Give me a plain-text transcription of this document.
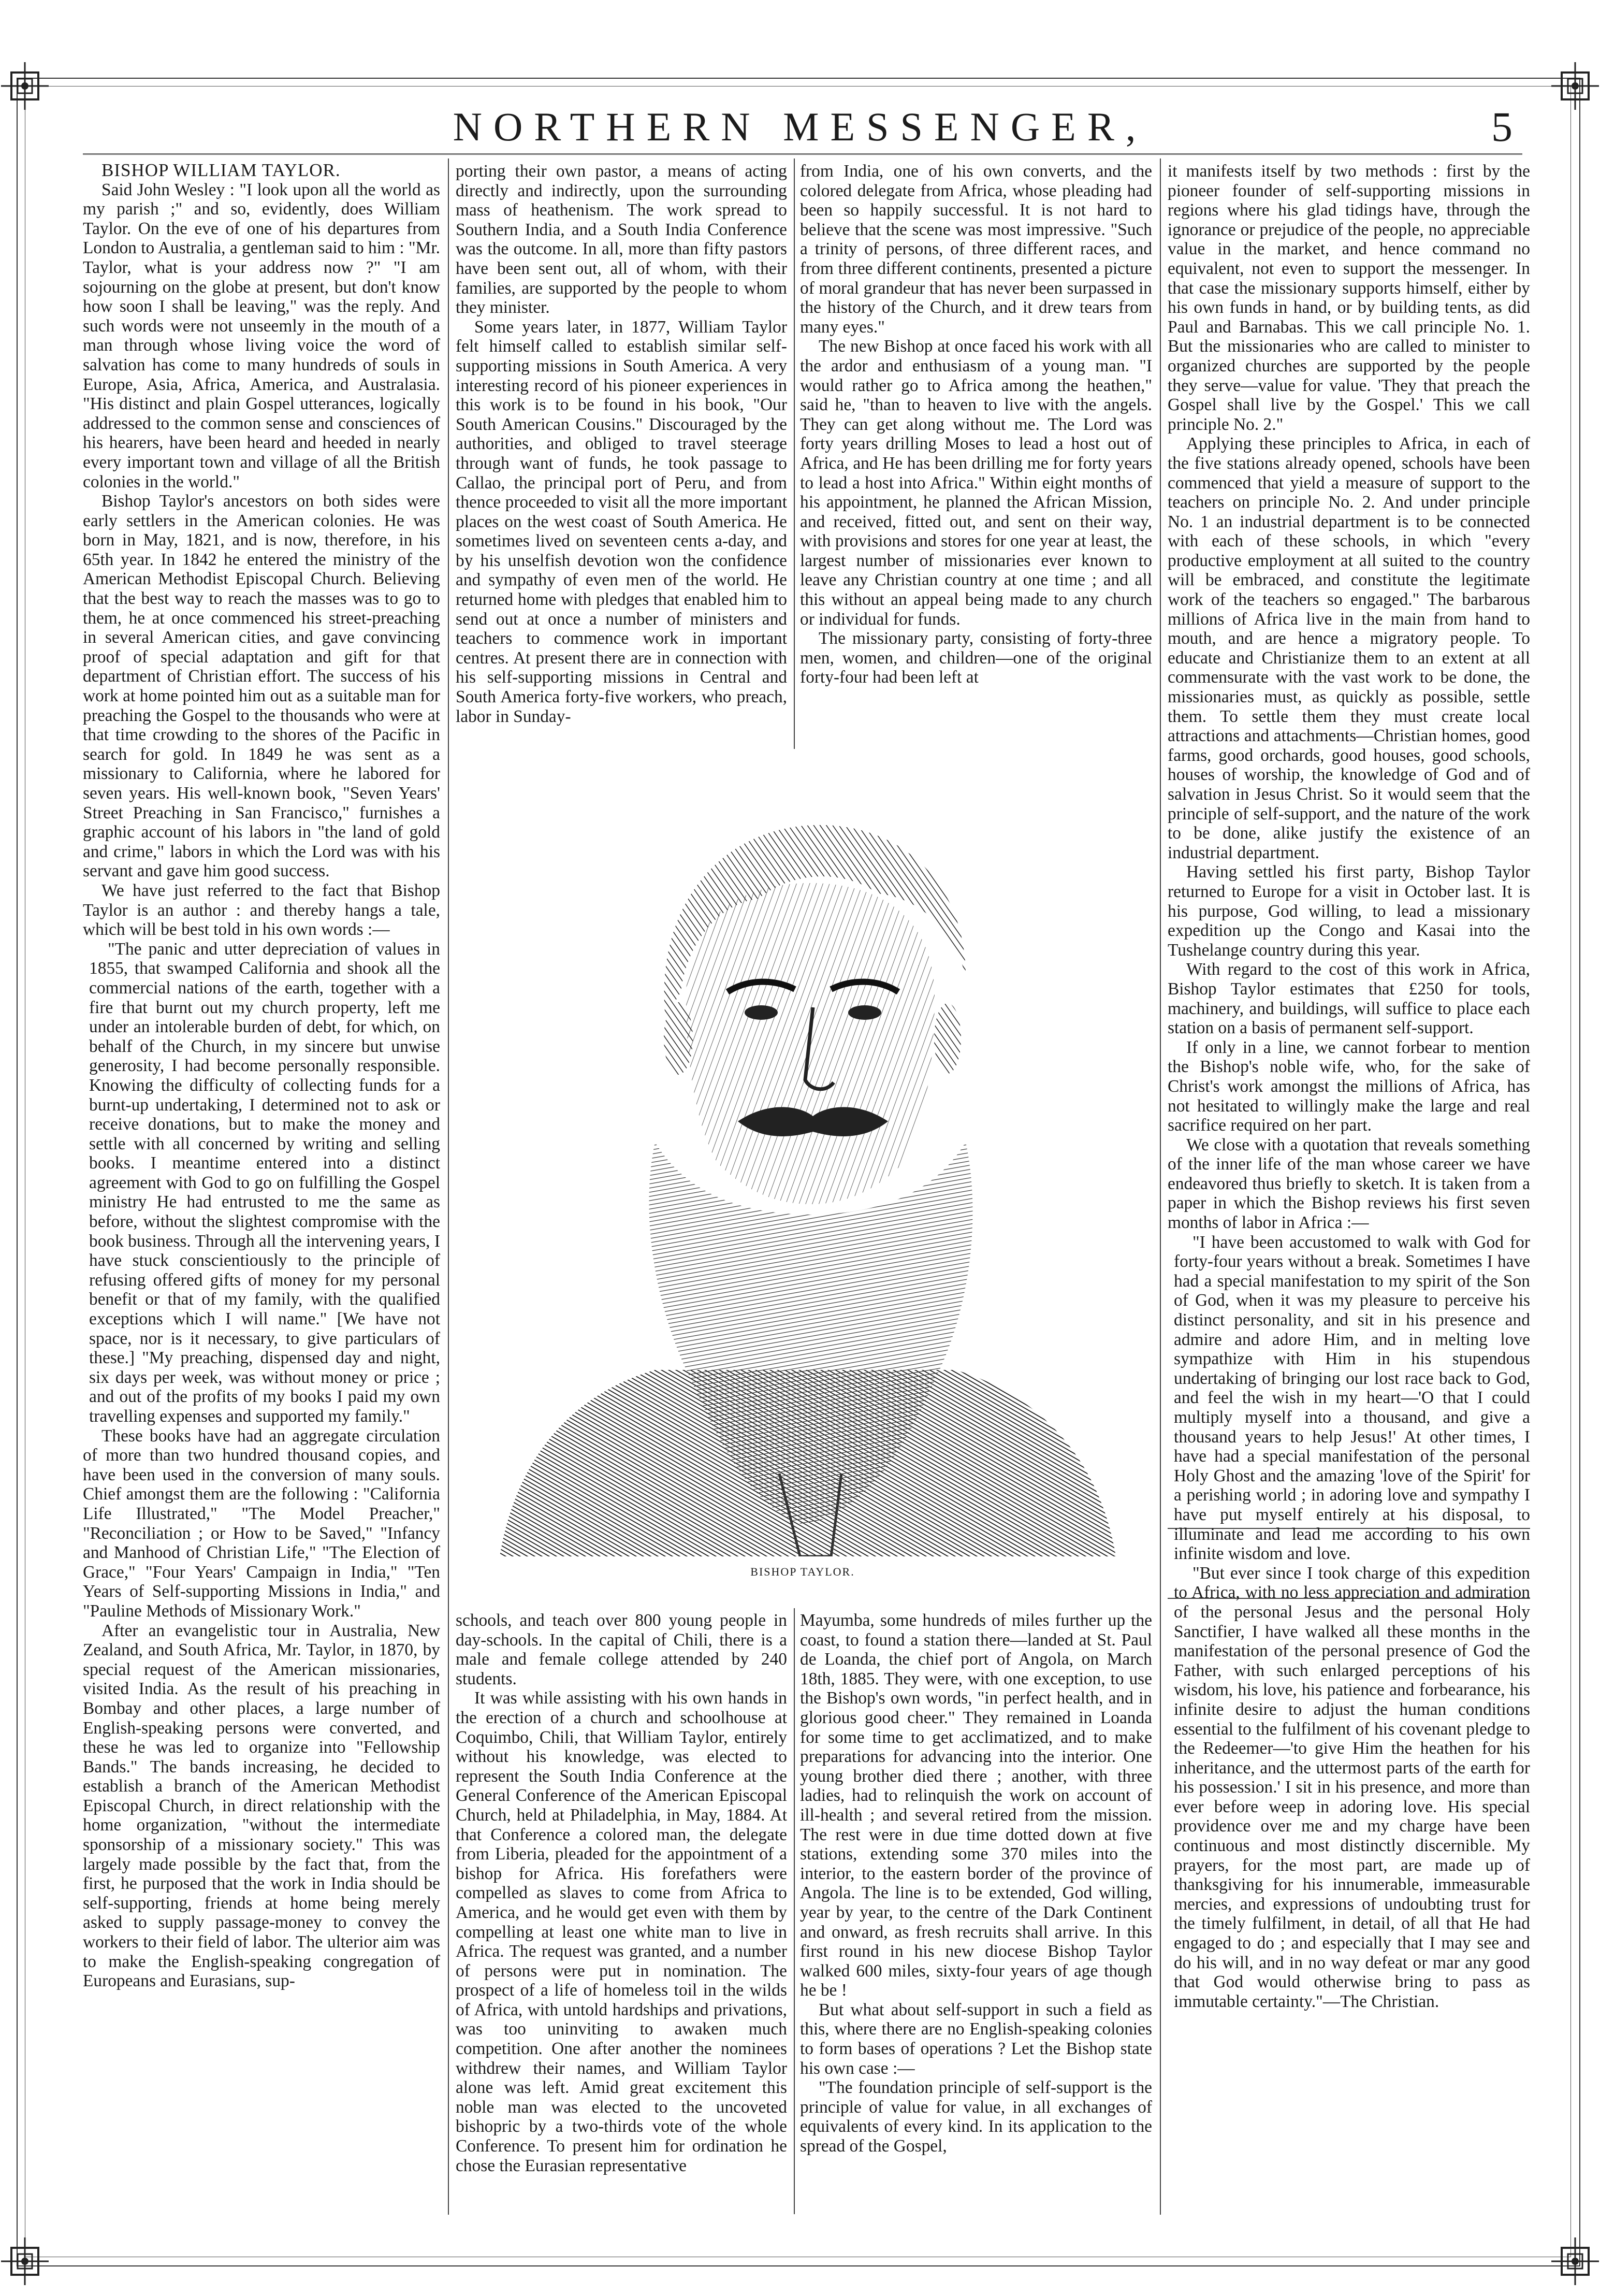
NORTHERN MESSENGER,	5

BISHOP WILLIAM TAYLOR.

Said John Wesley : "I look upon all the world as my parish ;" and so, evidently, does William Taylor. On the eve of one of his departures from London to Australia, a gentleman said to him : "Mr. Taylor, what is your address now ?" "I am sojourning on the globe at present, but don't know how soon I shall be leaving," was the reply. And such words were not unseemly in the mouth of a man through whose living voice the word of salvation has come to many hundreds of souls in Europe, Asia, Africa, America, and Australasia. "His distinct and plain Gospel utterances, logically addressed to the common sense and consciences of his hearers, have been heard and heeded in nearly every important town and village of all the British colonies in the world."

Bishop Taylor's ancestors on both sides were early settlers in the American colonies. He was born in May, 1821, and is now, therefore, in his 65th year. In 1842 he entered the ministry of the American Methodist Episcopal Church. Believing that the best way to reach the masses was to go to them, he at once commenced his street-preaching in several American cities, and gave convincing proof of special adaptation and gift for that department of Christian effort. The success of his work at home pointed him out as a suitable man for preaching the Gospel to the thousands who were at that time crowding to the shores of the Pacific in search for gold. In 1849 he was sent as a missionary to California, where he labored for seven years. His well-known book, "Seven Years' Street Preaching in San Francisco," furnishes a graphic account of his labors in "the land of gold and crime," labors in which the Lord was with his servant and gave him good success.

We have just referred to the fact that Bishop Taylor is an author : and thereby hangs a tale, which will be best told in his own words :—

"The panic and utter depreciation of values in 1855, that swamped California and shook all the commercial nations of the earth, together with a fire that burnt out my church property, left me under an intolerable burden of debt, for which, on behalf of the Church, in my sincere but unwise generosity, I had become personally responsible. Knowing the difficulty of collecting funds for a burnt-up undertaking, I determined not to ask or receive donations, but to make the money and settle with all concerned by writing and selling books. I meantime entered into a distinct agreement with God to go on fulfilling the Gospel ministry He had entrusted to me the same as before, without the slightest compromise with the book business. Through all the intervening years, I have stuck conscientiously to the principle of refusing offered gifts of money for my personal benefit or that of my family, with the qualified exceptions which I will name." [We have not space, nor is it necessary, to give particulars of these.] "My preaching, dispensed day and night, six days per week, was without money or price ; and out of the profits of my books I paid my own travelling expenses and supported my family."

These books have had an aggregate circulation of more than two hundred thousand copies, and have been used in the conversion of many souls. Chief amongst them are the following : "California Life Illustrated," "The Model Preacher," "Reconciliation ; or How to be Saved," "Infancy and Manhood of Christian Life," "The Election of Grace," "Four Years' Campaign in India," "Ten Years of Self-supporting Missions in India," and "Pauline Methods of Missionary Work."

After an evangelistic tour in Australia, New Zealand, and South Africa, Mr. Taylor, in 1870, by special request of the American missionaries, visited India. As the result of his preaching in Bombay and other places, a large number of English-speaking persons were converted, and these he was led to organize into "Fellowship Bands." The bands increasing, he decided to establish a branch of the American Methodist Episcopal Church, in direct relationship with the home organization, "without the intermediate sponsorship of a missionary society." This was largely made possible by the fact that, from the first, he purposed that the work in India should be self-supporting, friends at home being merely asked to supply passage-money to convey the workers to their field of labor. The ulterior aim was to make the English-speaking congregation of Europeans and Eurasians, sup-

porting their own pastor, a means of acting directly and indirectly, upon the surrounding mass of heathenism. The work spread to Southern India, and a South India Conference was the outcome. In all, more than fifty pastors have been sent out, all of whom, with their families, are supported by the people to whom they minister.

Some years later, in 1877, William Taylor felt himself called to establish similar self-supporting missions in South America. A very interesting record of his pioneer experiences in this work is to be found in his book, "Our South American Cousins." Discouraged by the authorities, and obliged to travel steerage through want of funds, he took passage to Callao, the principal port of Peru, and from thence proceeded to visit all the more important places on the west coast of South America. He sometimes lived on seventeen cents a-day, and by his unselfish devotion won the confidence and sympathy of even men of the world. He returned home with pledges that enabled him to send out at once a number of ministers and teachers to commence work in important centres. At present there are in connection with his self-supporting missions in Central and South America forty-five workers, who preach, labor in Sunday-

from India, one of his own converts, and the colored delegate from Africa, whose pleading had been so happily successful. It is not hard to believe that the scene was most impressive. "Such a trinity of persons, of three different races, and from three different continents, presented a picture of moral grandeur that has never been surpassed in the history of the Church, and it drew tears from many eyes."

The new Bishop at once faced his work with all the ardor and enthusiasm of a young man. "I would rather go to Africa among the heathen," said he, "than to heaven to live with the angels. They can get along without me. The Lord was forty years drilling Moses to lead a host out of Africa, and He has been drilling me for forty years to lead a host into Africa." Within eight months of his appointment, he planned the African Mission, and received, fitted out, and sent on their way, with provisions and stores for one year at least, the largest number of missionaries ever known to leave any Christian country at one time ; and all this without an appeal being made to any church or individual for funds.

The missionary party, consisting of forty-three men, women, and children—one of the original forty-four had been left at

BISHOP TAYLOR.

schools, and teach over 800 young people in day-schools. In the capital of Chili, there is a male and female college attended by 240 students.

It was while assisting with his own hands in the erection of a church and schoolhouse at Coquimbo, Chili, that William Taylor, entirely without his knowledge, was elected to represent the South India Conference at the General Conference of the American Episcopal Church, held at Philadelphia, in May, 1884. At that Conference a colored man, the delegate from Liberia, pleaded for the appointment of a bishop for Africa. His forefathers were compelled as slaves to come from Africa to America, and he would get even with them by compelling at least one white man to live in Africa. The request was granted, and a number of persons were put in nomination. The prospect of a life of homeless toil in the wilds of Africa, with untold hardships and privations, was too uninviting to awaken much competition. One after another the nominees withdrew their names, and William Taylor alone was left. Amid great excitement this noble man was elected to the uncoveted bishopric by a two-thirds vote of the whole Conference. To present him for ordination he chose the Eurasian representative

Mayumba, some hundreds of miles further up the coast, to found a station there—landed at St. Paul de Loanda, the chief port of Angola, on March 18th, 1885. They were, with one exception, to use the Bishop's own words, "in perfect health, and in glorious good cheer." They remained in Loanda for some time to get acclimatized, and to make preparations for advancing into the interior. One young brother died there ; another, with three ladies, had to relinquish the work on account of ill-health ; and several retired from the mission. The rest were in due time dotted down at five stations, extending some 370 miles into the interior, to the eastern border of the province of Angola. The line is to be extended, God willing, year by year, to the centre of the Dark Continent and onward, as fresh recruits shall arrive. In this first round in his new diocese Bishop Taylor walked 600 miles, sixty-four years of age though he be !

But what about self-support in such a field as this, where there are no English-speaking colonies to form bases of operations ? Let the Bishop state his own case :—

"The foundation principle of self-support is the principle of value for value, in all exchanges of equivalents of every kind. In its application to the spread of the Gospel,

it manifests itself by two methods : first by the pioneer founder of self-supporting missions in regions where his glad tidings have, through the ignorance or prejudice of the people, no appreciable value in the market, and hence command no equivalent, not even to support the messenger. In that case the missionary supports himself, either by his own funds in hand, or by building tents, as did Paul and Barnabas. This we call principle No. 1. But the missionaries who are called to minister to organized churches are supported by the people they serve—value for value. 'They that preach the Gospel shall live by the Gospel.' This we call principle No. 2."

Applying these principles to Africa, in each of the five stations already opened, schools have been commenced that yield a measure of support to the teachers on principle No. 2. And under principle No. 1 an industrial department is to be connected with each of these schools, in which "every productive employment at all suited to the country will be embraced, and constitute the legitimate work of the teachers so engaged." The barbarous millions of Africa live in the main from hand to mouth, and are hence a migratory people. To educate and Christianize them to an extent at all commensurate with the vast work to be done, the missionaries must, as quickly as possible, settle them. To settle them they must create local attractions and attachments—Christian homes, good farms, good orchards, good houses, good schools, houses of worship, the knowledge of God and of salvation in Jesus Christ. So it would seem that the principle of self-support, and the nature of the work to be done, alike justify the existence of an industrial department.

Having settled his first party, Bishop Taylor returned to Europe for a visit in October last. It is his purpose, God willing, to lead a missionary expedition up the Congo and Kasai into the Tushelange country during this year.

With regard to the cost of this work in Africa, Bishop Taylor estimates that £250 for tools, machinery, and buildings, will suffice to place each station on a basis of permanent self-support.

If only in a line, we cannot forbear to mention the Bishop's noble wife, who, for the sake of Christ's work amongst the millions of Africa, has not hesitated to willingly make the large and real sacrifice required on her part.

We close with a quotation that reveals something of the inner life of the man whose career we have endeavored thus briefly to sketch. It is taken from a paper in which the Bishop reviews his first seven months of labor in Africa :—

"I have been accustomed to walk with God for forty-four years without a break. Sometimes I have had a special manifestation to my spirit of the Son of God, when it was my pleasure to perceive his distinct personality, and sit in his presence and admire and adore Him, and in melting love sympathize with Him in his stupendous undertaking of bringing our lost race back to God, and feel the wish in my heart—'O that I could multiply myself into a thousand, and give a thousand years to help Jesus!' At other times, I have had a special manifestation of the personal Holy Ghost and the amazing 'love of the Spirit' for a perishing world ; in adoring love and sympathy I have put myself entirely at his disposal, to illuminate and lead me according to his own infinite wisdom and love.

"But ever since I took charge of this expedition to Africa, with no less appreciation and admiration of the personal Jesus and the personal Holy Sanctifier, I have walked all these months in the manifestation of the personal presence of God the Father, with such enlarged perceptions of his wisdom, his love, his patience and forbearance, his infinite desire to adjust the human conditions essential to the fulfilment of his covenant pledge to the Redeemer—'to give Him the heathen for his inheritance, and the uttermost parts of the earth for his possession.' I sit in his presence, and more than ever before weep in adoring love. His special providence over me and my charge have been continuous and most distinctly discernible. My prayers, for the most part, are made up of thanksgiving for his innumerable, immeasurable mercies, and expressions of undoubting trust for the timely fulfilment, in detail, of all that He had engaged to do ; and especially that I may see and do his will, and in no way defeat or mar any good that God would otherwise bring to pass as immutable certainty."—The Christian.
